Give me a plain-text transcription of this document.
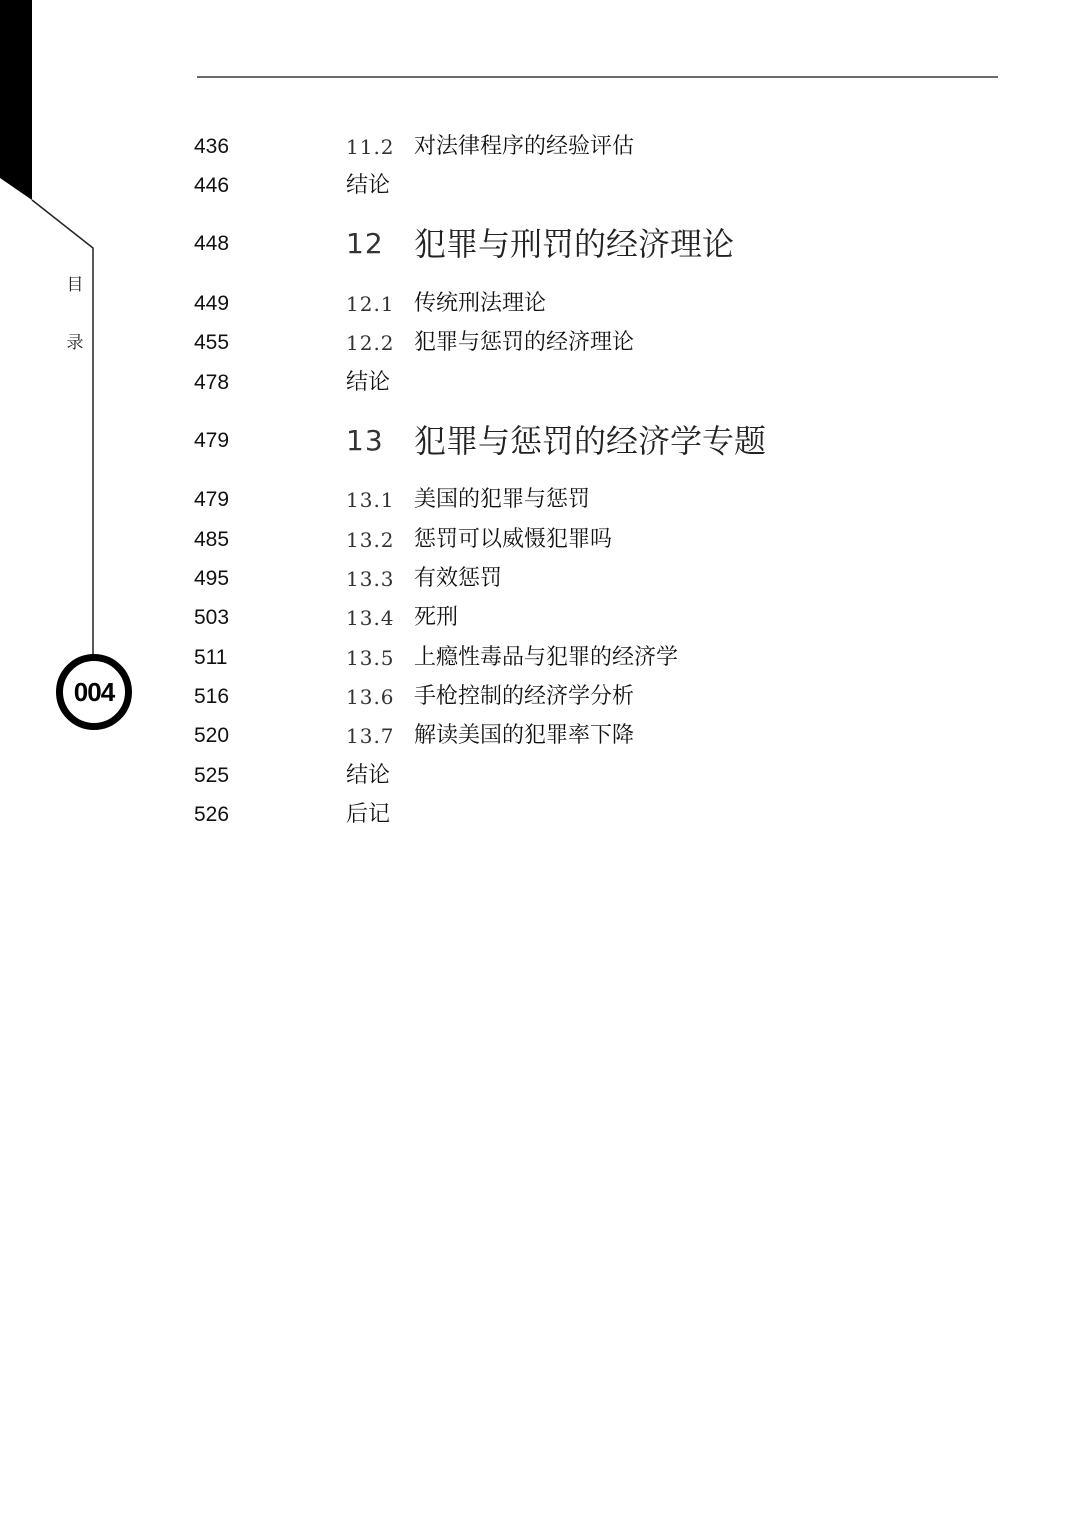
目
录
004
436	11.2 对法律程序的经验评估
446	结论
448	12 犯罪与刑罚的经济理论
449	12.1 传统刑法理论
455	12.2 犯罪与惩罚的经济理论
478	结论
479	13 犯罪与惩罚的经济学专题
479	13.1 美国的犯罪与惩罚
485	13.2 惩罚可以威慑犯罪吗
495	13.3 有效惩罚
503	13.4 死刑
511	13.5 上瘾性毒品与犯罪的经济学
516	13.6 手枪控制的经济学分析
520	13.7 解读美国的犯罪率下降
525	结论
526	后记
